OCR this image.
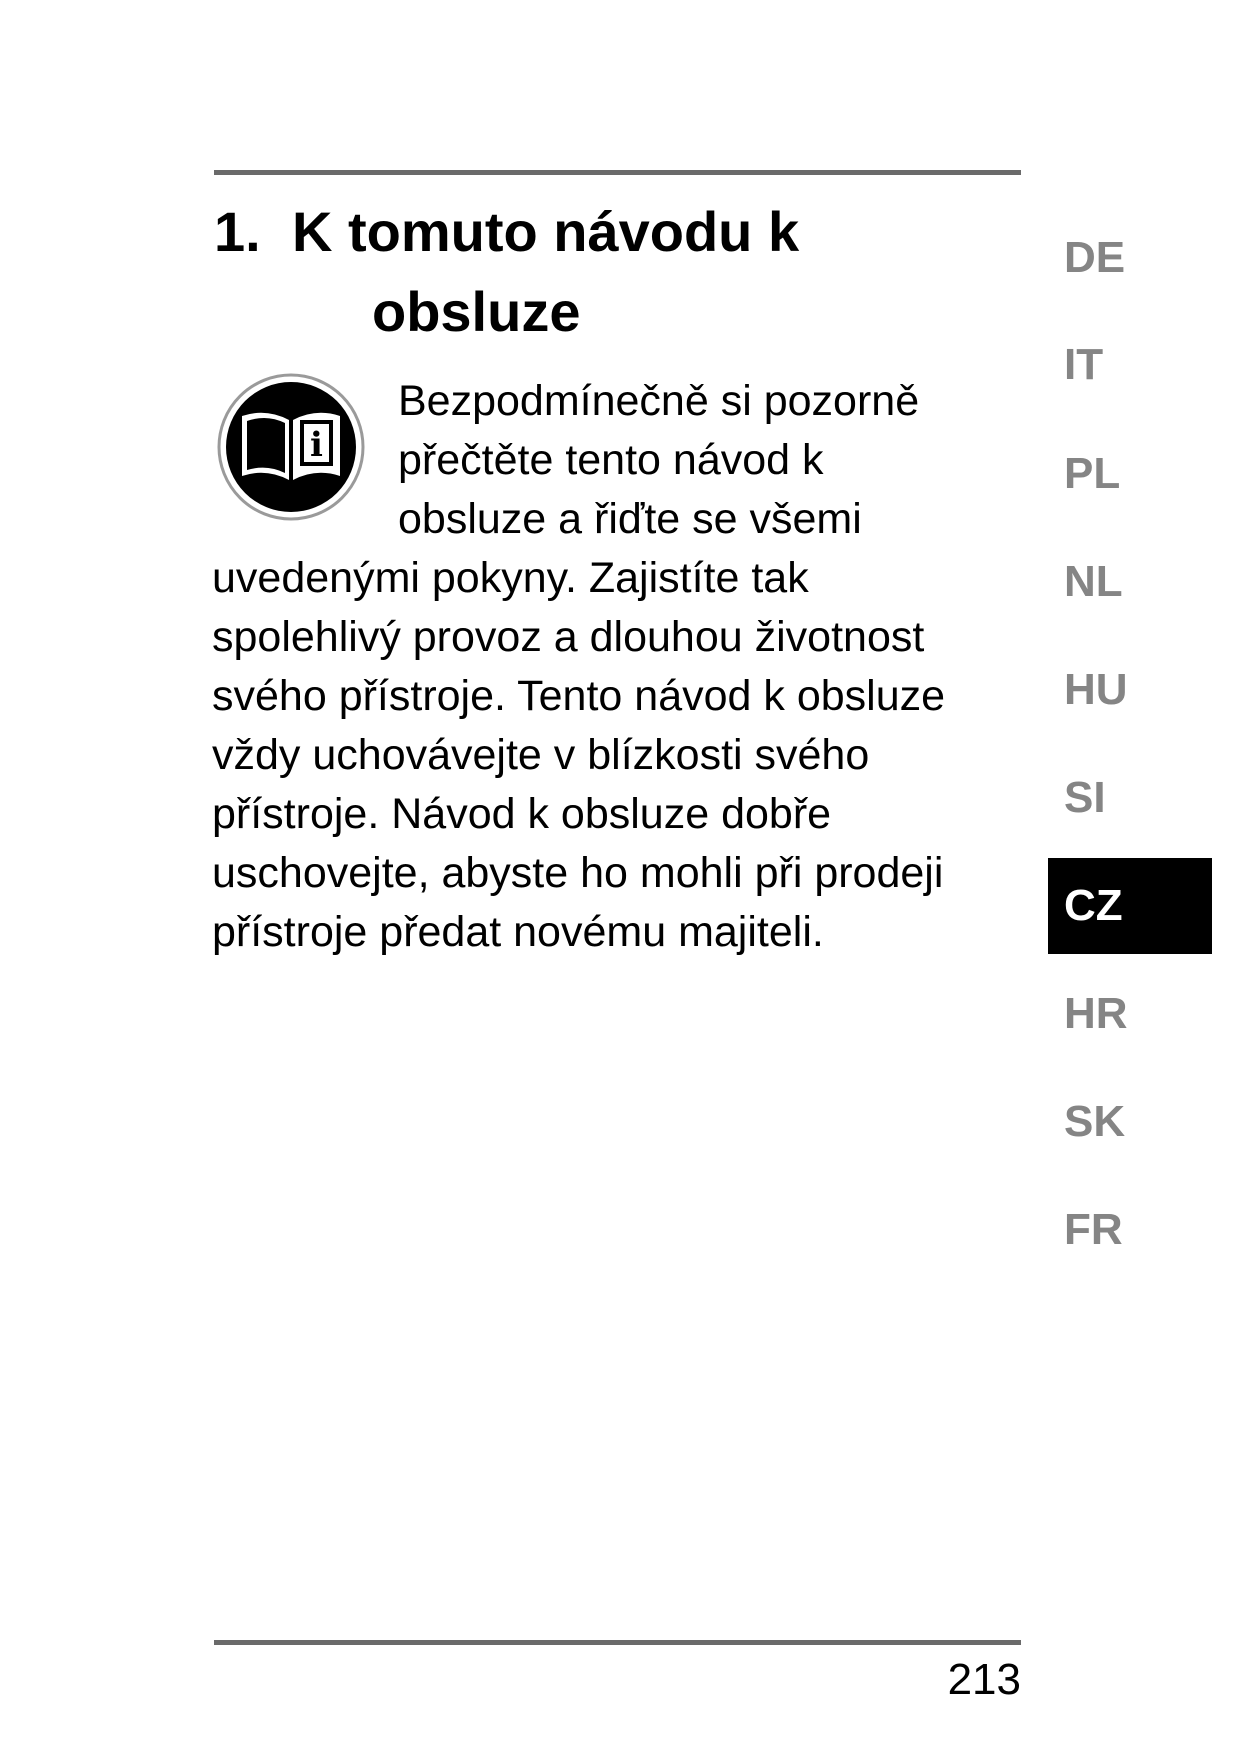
1. K tomuto návodu k
obsluze
i
Bezpodmínečně si pozorně
přečtěte tento návod k
obsluze a řiďte se všemi
uvedenými pokyny. Zajistíte tak
spolehlivý provoz a dlouhou životnost
svého přístroje. Tento návod k obsluze
vždy uchovávejte v blízkosti svého
přístroje. Návod k obsluze dobře
uschovejte, abyste ho mohli při prodeji
přístroje předat novému majiteli.
DE
IT
PL
NL
HU
SI
CZ
HR
SK
FR
213
